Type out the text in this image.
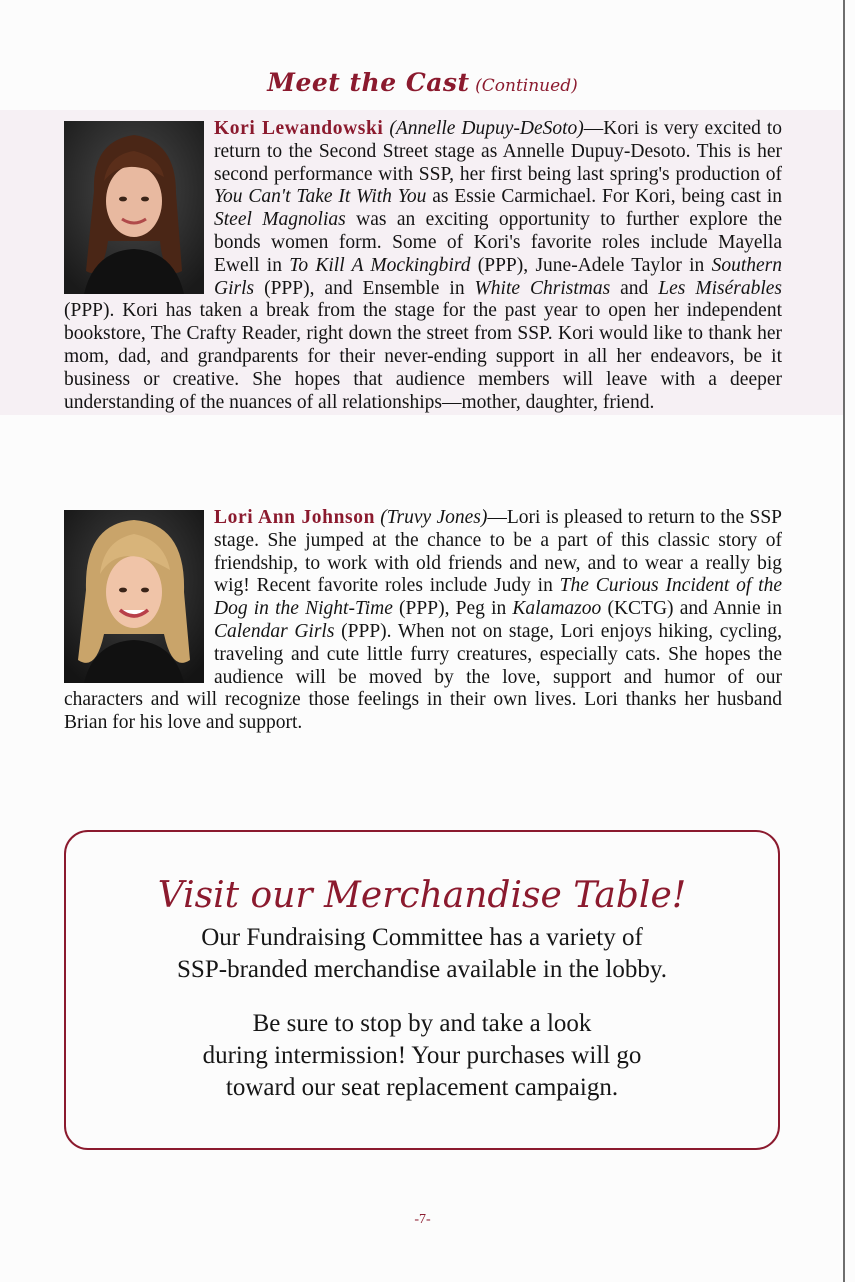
Meet the Cast (Continued)
Kori Lewandowski (Annelle Dupuy-DeSoto)—Kori is very excited to return to the Second Street stage as Annelle Dupuy-Desoto. This is her second performance with SSP, her first being last spring's production of You Can't Take It With You as Essie Carmichael. For Kori, being cast in Steel Magnolias was an exciting opportunity to further explore the bonds women form. Some of Kori's favorite roles include Mayella Ewell in To Kill A Mockingbird (PPP), June-Adele Taylor in Southern Girls (PPP), and Ensemble in White Christmas and Les Misérables (PPP). Kori has taken a break from the stage for the past year to open her independent bookstore, The Crafty Reader, right down the street from SSP. Kori would like to thank her mom, dad, and grandparents for their never-ending support in all her endeavors, be it business or creative. She hopes that audience members will leave with a deeper understanding of the nuances of all relationships—mother, daughter, friend.
Lori Ann Johnson (Truvy Jones)—Lori is pleased to return to the SSP stage. She jumped at the chance to be a part of this classic story of friendship, to work with old friends and new, and to wear a really big wig! Recent favorite roles include Judy in The Curious Incident of the Dog in the Night-Time (PPP), Peg in Kalamazoo (KCTG) and Annie in Calendar Girls (PPP). When not on stage, Lori enjoys hiking, cycling, traveling and cute little furry creatures, especially cats. She hopes the audience will be moved by the love, support and humor of our characters and will recognize those feelings in their own lives. Lori thanks her husband Brian for his love and support.
Visit our Merchandise Table!

Our Fundraising Committee has a variety of
SSP-branded merchandise available in the lobby.

Be sure to stop by and take a look
during intermission! Your purchases will go
toward our seat replacement campaign.

-7-
